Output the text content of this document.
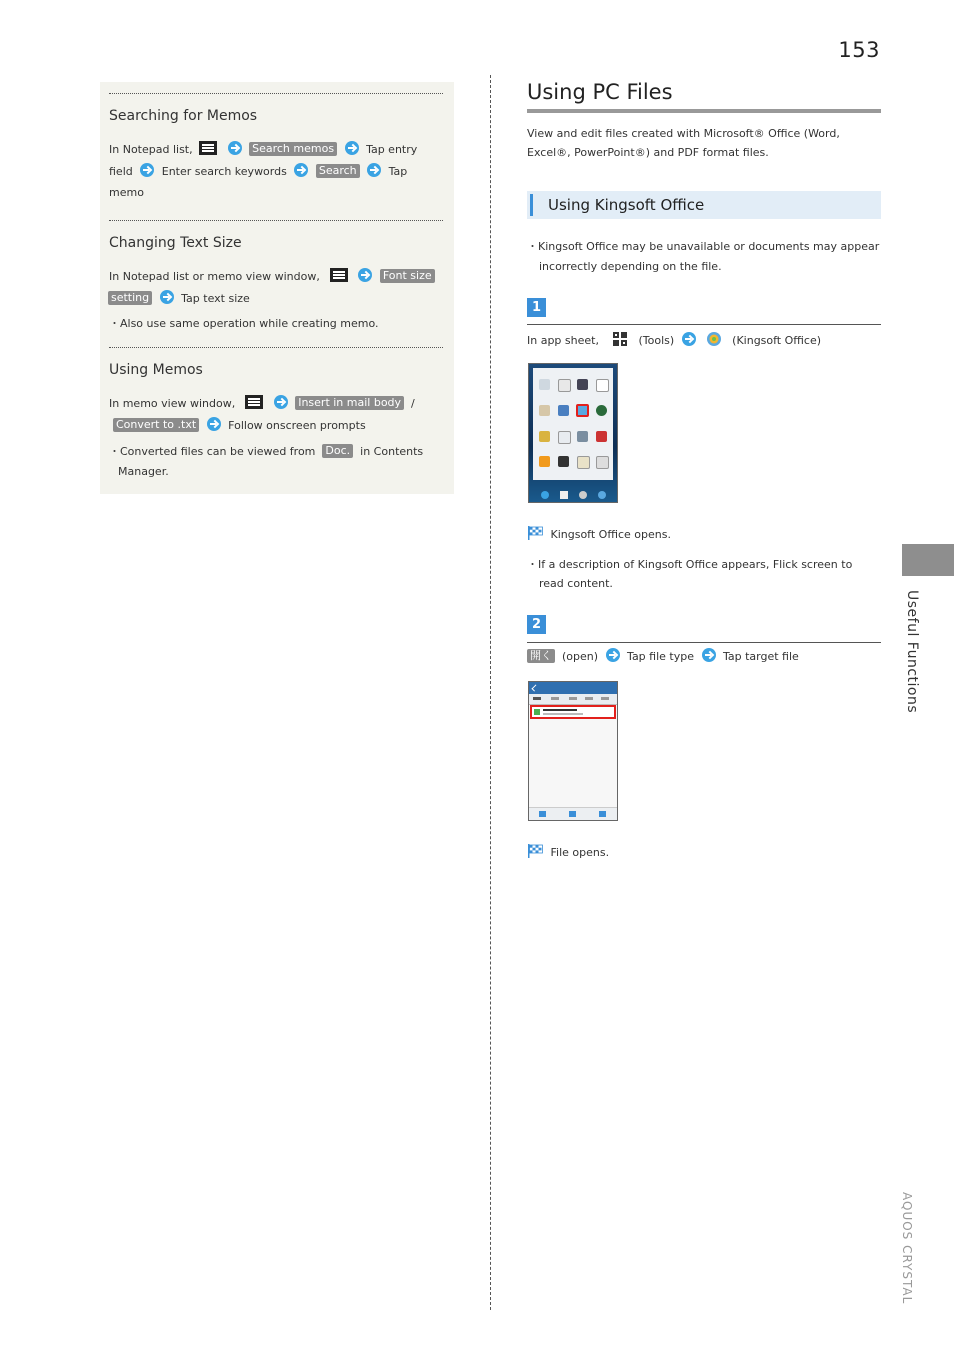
153
Searching for Memos
In Notepad list,	Search memos	Tap entry
field	Enter search keywords	Search	Tap
memo
Changing Text Size
In Notepad list or memo view window,	Font size
setting	Tap text size
・Also use same operation while creating memo.
Using Memos
In memo view window,	Insert in mail body /
Convert to .txt	Follow onscreen prompts
・Converted files can be viewed from Doc. in Contents
Manager.
Using PC Files
View and edit files created with Microsoft® Office (Word,
Excel®, PowerPoint®) and PDF format files.
Using Kingsoft Office
・Kingsoft Office may be unavailable or documents may appear
incorrectly depending on the file.
1
In app sheet,	(Tools)	(Kingsoft Office)
Kingsoft Office opens.
・If a description of Kingsoft Office appears, Flick screen to
read content.
2
開く (open)	Tap file type	Tap target file
File opens.
Useful Functions
AQUOS CRYSTAL
